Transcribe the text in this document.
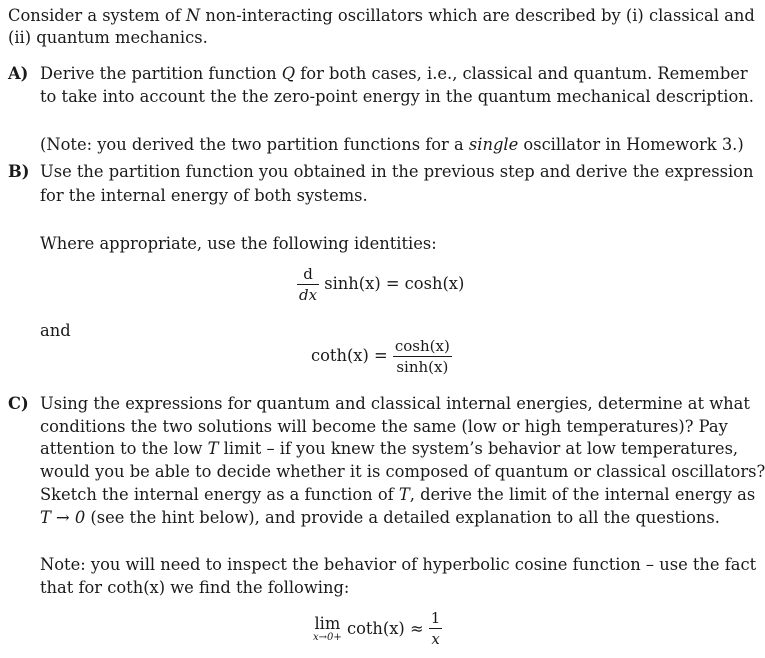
Consider a system of N non-interacting oscillators which are described by (i) classical and
(ii) quantum mechanics.
A) Derive the partition function Q for both cases, i.e., classical and quantum. Remember
to take into account the the zero-point energy in the quantum mechanical description.
(Note: you derived the two partition functions for a single oscillator in Homework 3.)
B) Use the partition function you obtained in the previous step and derive the expression
for the internal energy of both systems.
Where appropriate, use the following identities:
$\frac{d}{dx} \sinh(x) = \cosh(x)$
and
$\cot h(x) = \frac{\cosh(x)}{\sinh(x)}$
C) Using the expressions for quantum and classical internal energies, determine at what
conditions the two solutions will become the same (low or high temperatures)? Pay
attention to the low T limit – if you knew the system’s behavior at low temperatures,
would you be able to decide whether it is composed of quantum or classical oscillators?
Sketch the internal energy as a function of T, derive the limit of the internal energy as
T → 0 (see the hint below), and provide a detailed explanation to all the questions.
Note: you will need to inspect the behavior of hyperbolic cosine function – use the fact
that for coth(x) we find the following:
lim
$x\to 0+ \cot h(x) \approx \frac{1}{x}$
